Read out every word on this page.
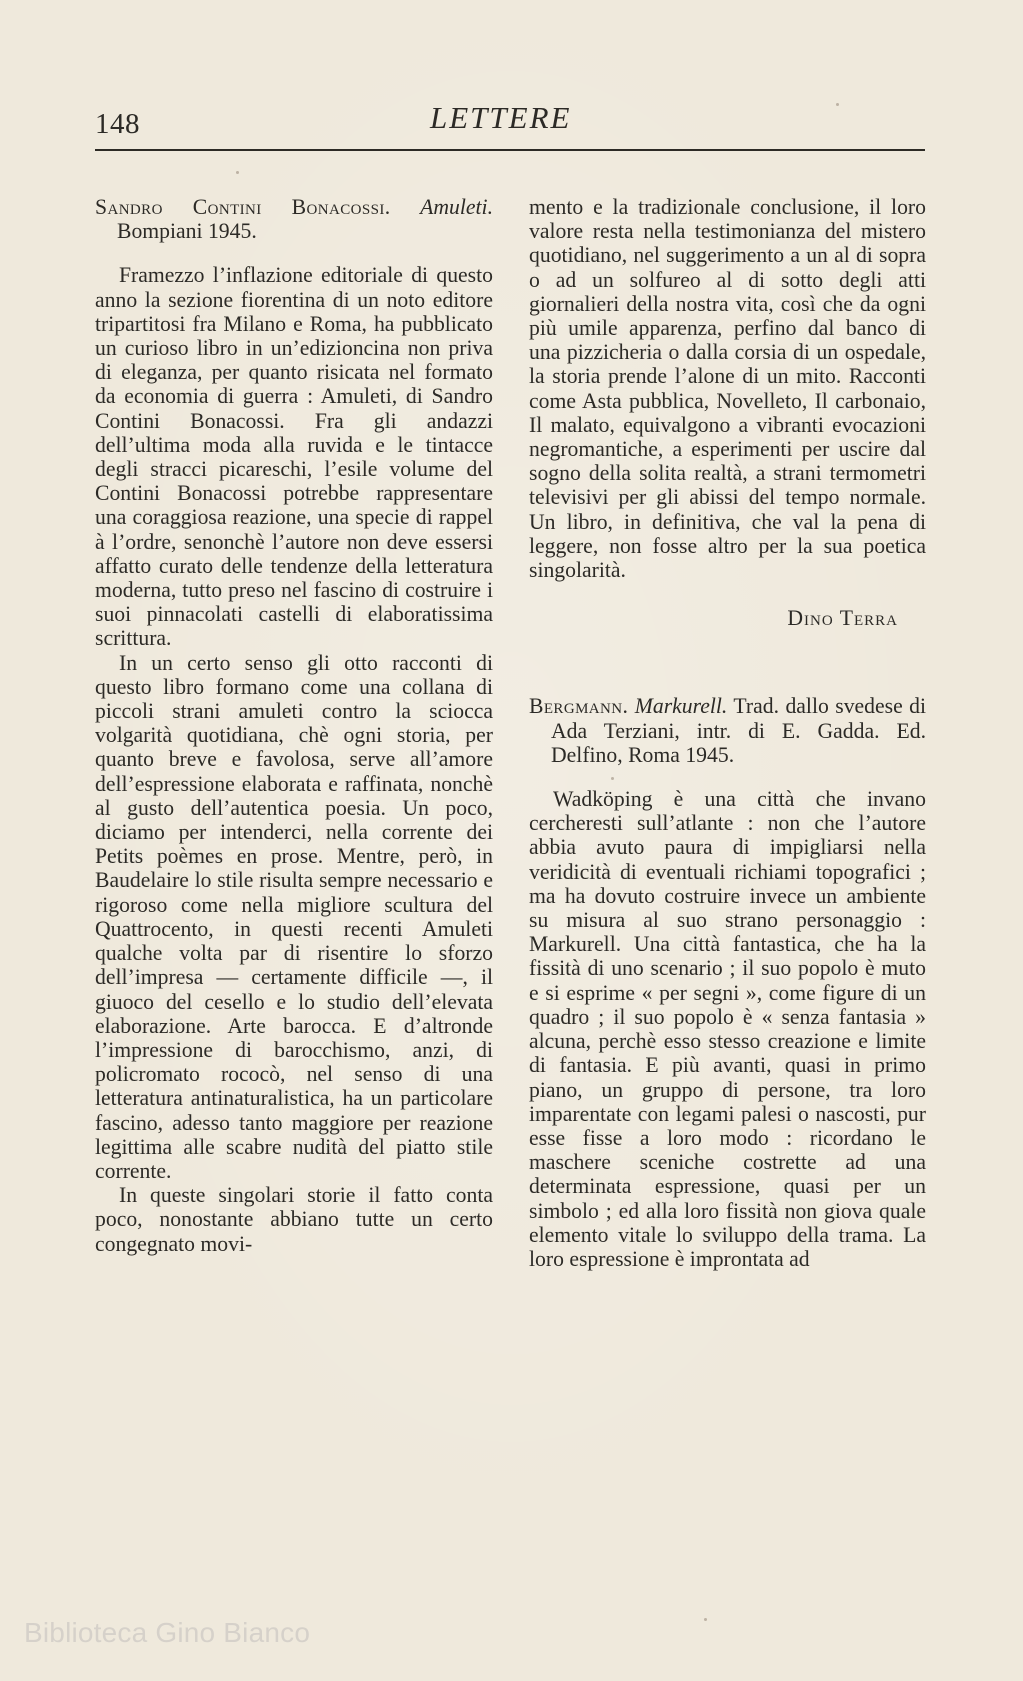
148	LETTERE

Sandro Contini Bonacossi. Amuleti. Bompiani 1945.

Framezzo l’inflazione editoriale di questo anno la sezione fiorentina di un noto editore tripartitosi fra Milano e Roma, ha pubblicato un curioso libro in un’edizioncina non priva di eleganza, per quanto risicata nel formato da economia di guerra : Amuleti, di Sandro Contini Bonacossi. Fra gli andazzi dell’ultima moda alla ruvida e le tintacce degli stracci picareschi, l’esile volume del Contini Bonacossi potrebbe rappresentare una coraggiosa reazione, una specie di rappel à l’ordre, senonchè l’autore non deve essersi affatto curato delle tendenze della letteratura moderna, tutto preso nel fascino di costruire i suoi pinnacolati castelli di elaboratissima scrittura.

In un certo senso gli otto racconti di questo libro formano come una collana di piccoli strani amuleti contro la sciocca volgarità quotidiana, chè ogni storia, per quanto breve e favolosa, serve all’amore dell’espressione elaborata e raffinata, nonchè al gusto dell’autentica poesia. Un poco, diciamo per intenderci, nella corrente dei Petits poèmes en prose. Mentre, però, in Baudelaire lo stile risulta sempre necessario e rigoroso come nella migliore scultura del Quattrocento, in questi recenti Amuleti qualche volta par di risentire lo sforzo dell’impresa — certamente difficile —, il giuoco del cesello e lo studio dell’elevata elaborazione. Arte barocca. E d’altronde l’impressione di barocchismo, anzi, di policromato rococò, nel senso di una letteratura antinaturalistica, ha un particolare fascino, adesso tanto maggiore per reazione legittima alle scabre nudità del piatto stile corrente.

In queste singolari storie il fatto conta poco, nonostante abbiano tutte un certo congegnato movi-

mento e la tradizionale conclusione, il loro valore resta nella testimonianza del mistero quotidiano, nel suggerimento a un al di sopra o ad un solfureo al di sotto degli atti giornalieri della nostra vita, così che da ogni più umile apparenza, perfino dal banco di una pizzicheria o dalla corsia di un ospedale, la storia prende l’alone di un mito. Racconti come Asta pubblica, Novelleto, Il carbonaio, Il malato, equivalgono a vibranti evocazioni negromantiche, a esperimenti per uscire dal sogno della solita realtà, a strani termometri televisivi per gli abissi del tempo normale. Un libro, in definitiva, che val la pena di leggere, non fosse altro per la sua poetica singolarità.

Dino Terra

Bergmann. Markurell. Trad. dallo svedese di Ada Terziani, intr. di E. Gadda. Ed. Delfino, Roma 1945.

Wadköping è una città che invano cercheresti sull’atlante : non che l’autore abbia avuto paura di impigliarsi nella veridicità di eventuali richiami topografici ; ma ha dovuto costruire invece un ambiente su misura al suo strano personaggio : Markurell. Una città fantastica, che ha la fissità di uno scenario ; il suo popolo è muto e si esprime « per segni », come figure di un quadro ; il suo popolo è « senza fantasia » alcuna, perchè esso stesso creazione e limite di fantasia. E più avanti, quasi in primo piano, un gruppo di persone, tra loro imparentate con legami palesi o nascosti, pur esse fisse a loro modo : ricordano le maschere sceniche costrette ad una determinata espressione, quasi per un simbolo ; ed alla loro fissità non giova quale elemento vitale lo sviluppo della trama. La loro espressione è improntata ad

Biblioteca Gino Bianco
